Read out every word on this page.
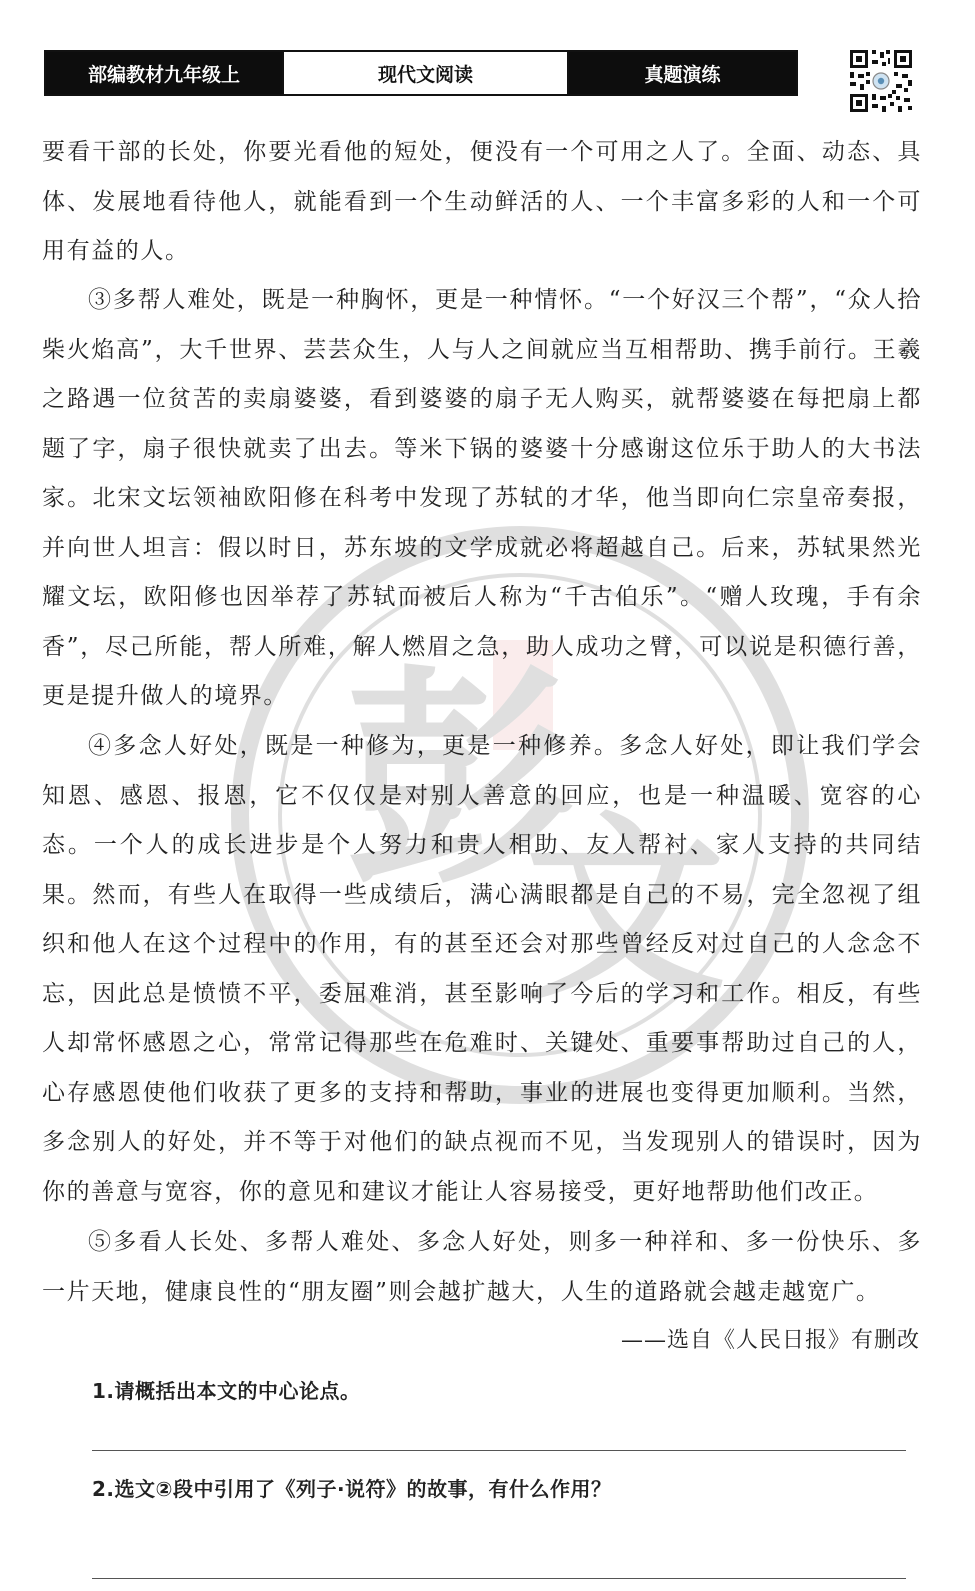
部编教材九年级上	现代文阅读	真题演练
彭
文

要看干部的长处，你要光看他的短处，便没有一个可用之人了。全面、动态、具体、发展地看待他人，就能看到一个生动鲜活的人、一个丰富多彩的人和一个可用有益的人。

③多帮人难处，既是一种胸怀，更是一种情怀。“一个好汉三个帮”，“众人拾柴火焰高”，大千世界、芸芸众生，人与人之间就应当互相帮助、携手前行。王羲之路遇一位贫苦的卖扇婆婆，看到婆婆的扇子无人购买，就帮婆婆在每把扇上都题了字，扇子很快就卖了出去。等米下锅的婆婆十分感谢这位乐于助人的大书法家。北宋文坛领袖欧阳修在科考中发现了苏轼的才华，他当即向仁宗皇帝奏报，并向世人坦言：假以时日，苏东坡的文学成就必将超越自己。后来，苏轼果然光耀文坛，欧阳修也因举荐了苏轼而被后人称为“千古伯乐”。“赠人玫瑰，手有余香”，尽己所能，帮人所难，解人燃眉之急，助人成功之臂，可以说是积德行善，更是提升做人的境界。

④多念人好处，既是一种修为，更是一种修养。多念人好处，即让我们学会知恩、感恩、报恩，它不仅仅是对别人善意的回应，也是一种温暖、宽容的心态。一个人的成长进步是个人努力和贵人相助、友人帮衬、家人支持的共同结果。然而，有些人在取得一些成绩后，满心满眼都是自己的不易，完全忽视了组织和他人在这个过程中的作用，有的甚至还会对那些曾经反对过自己的人念念不忘，因此总是愤愤不平，委屈难消，甚至影响了今后的学习和工作。相反，有些人却常怀感恩之心，常常记得那些在危难时、关键处、重要事帮助过自己的人，心存感恩使他们收获了更多的支持和帮助，事业的进展也变得更加顺利。当然，多念别人的好处，并不等于对他们的缺点视而不见，当发现别人的错误时，因为你的善意与宽容，你的意见和建议才能让人容易接受，更好地帮助他们改正。

⑤多看人长处、多帮人难处、多念人好处，则多一种祥和、多一份快乐、多一片天地，健康良性的“朋友圈”则会越扩越大，人生的道路就会越走越宽广。

——选自《人民日报》有删改
1.请概括出本文的中心论点。
2.选文②段中引用了《列子·说符》的故事，有什么作用？
